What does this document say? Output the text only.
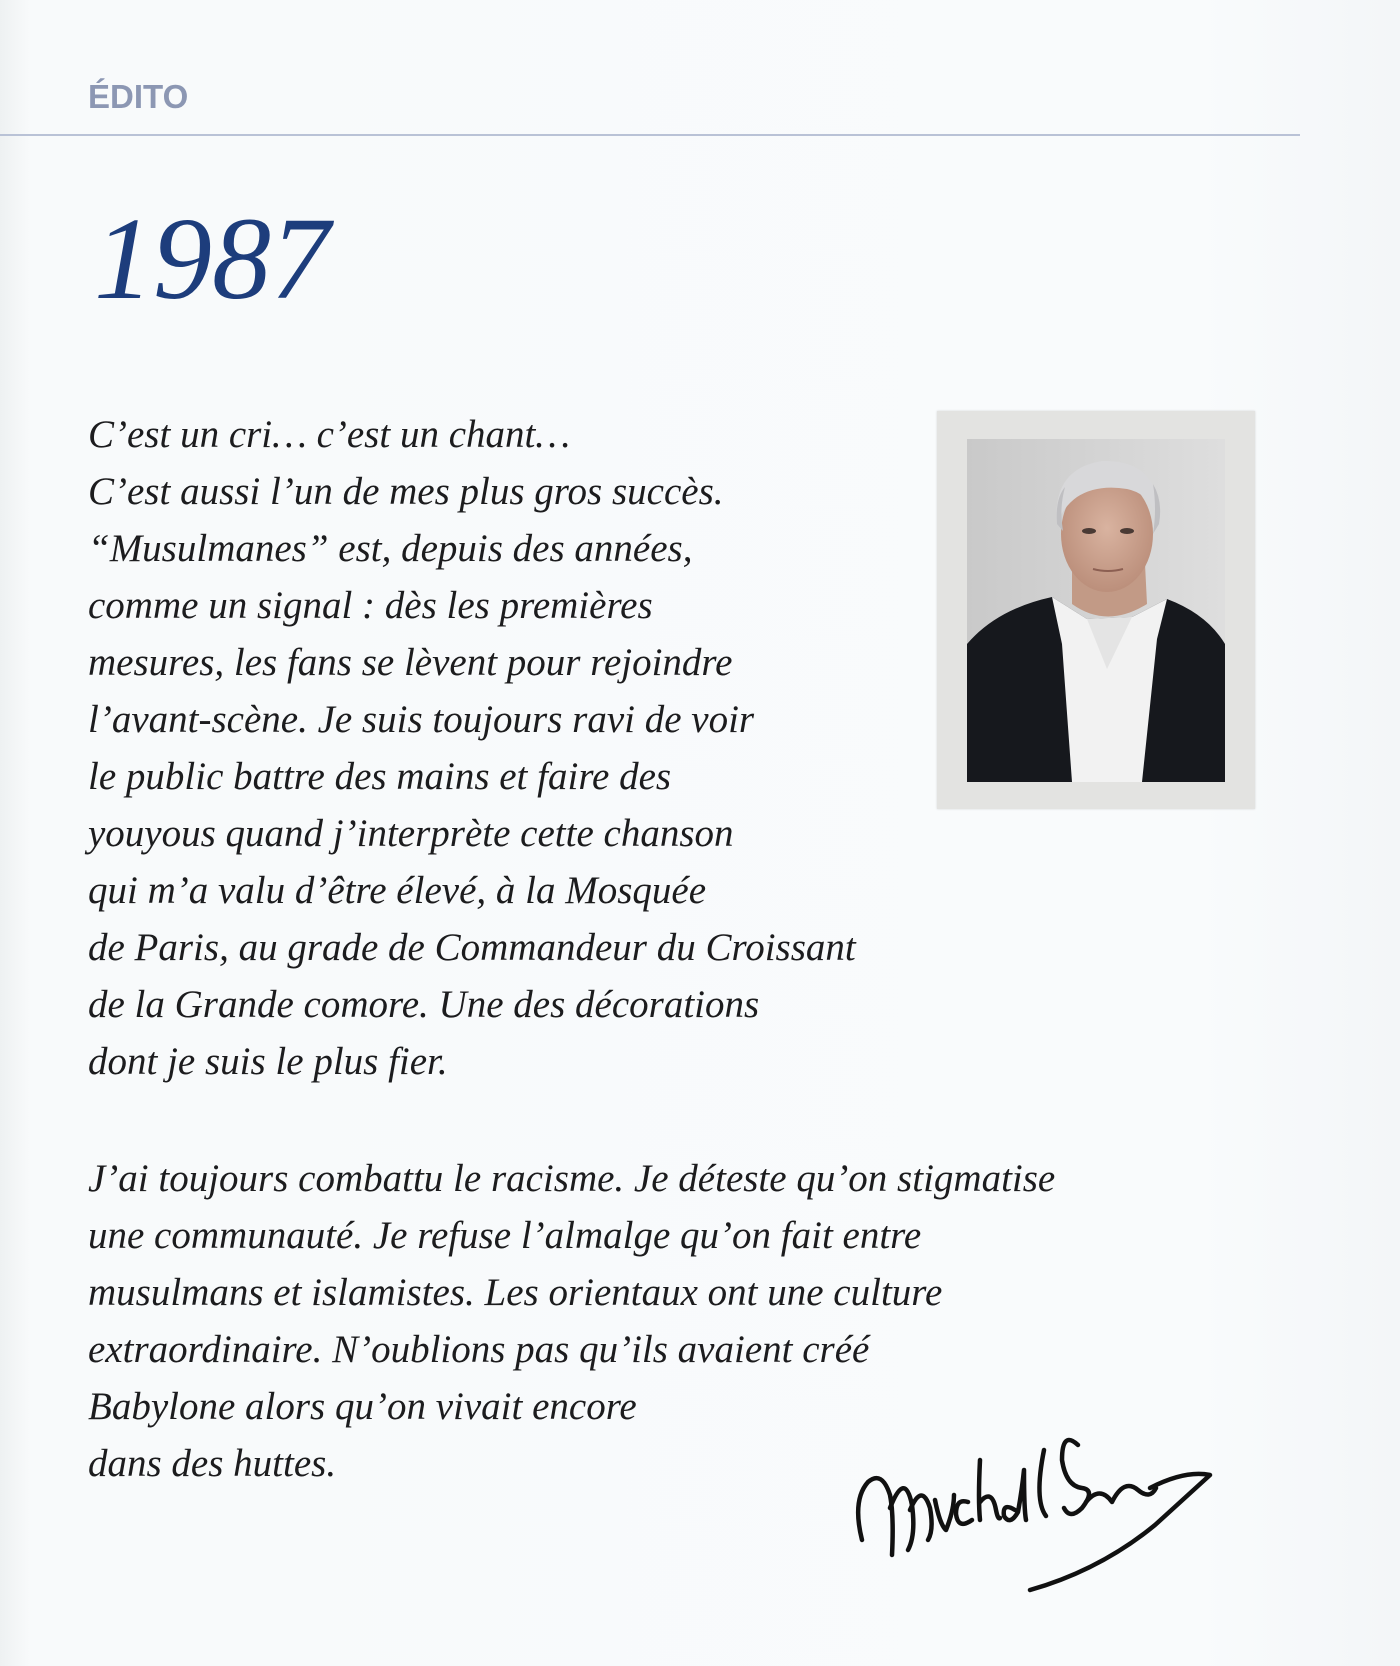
ÉDITO
1987

C’est un cri… c’est un chant…
C’est aussi l’un de mes plus gros succès.
“Musulmanes” est, depuis des années,
comme un signal : dès les premières
mesures, les fans se lèvent pour rejoindre
l’avant-scène. Je suis toujours ravi de voir
le public battre des mains et faire des
youyous quand j’interprète cette chanson
qui m’a valu d’être élevé, à la Mosquée
de Paris, au grade de Commandeur du Croissant
de la Grande comore. Une des décorations
dont je suis le plus fier.

J’ai toujours combattu le racisme. Je déteste qu’on stigmatise
une communauté. Je refuse l’almalge qu’on fait entre
musulmans et islamistes. Les orientaux ont une culture
extraordinaire. N’oublions pas qu’ils avaient créé
Babylone alors qu’on vivait encore
dans des huttes.
